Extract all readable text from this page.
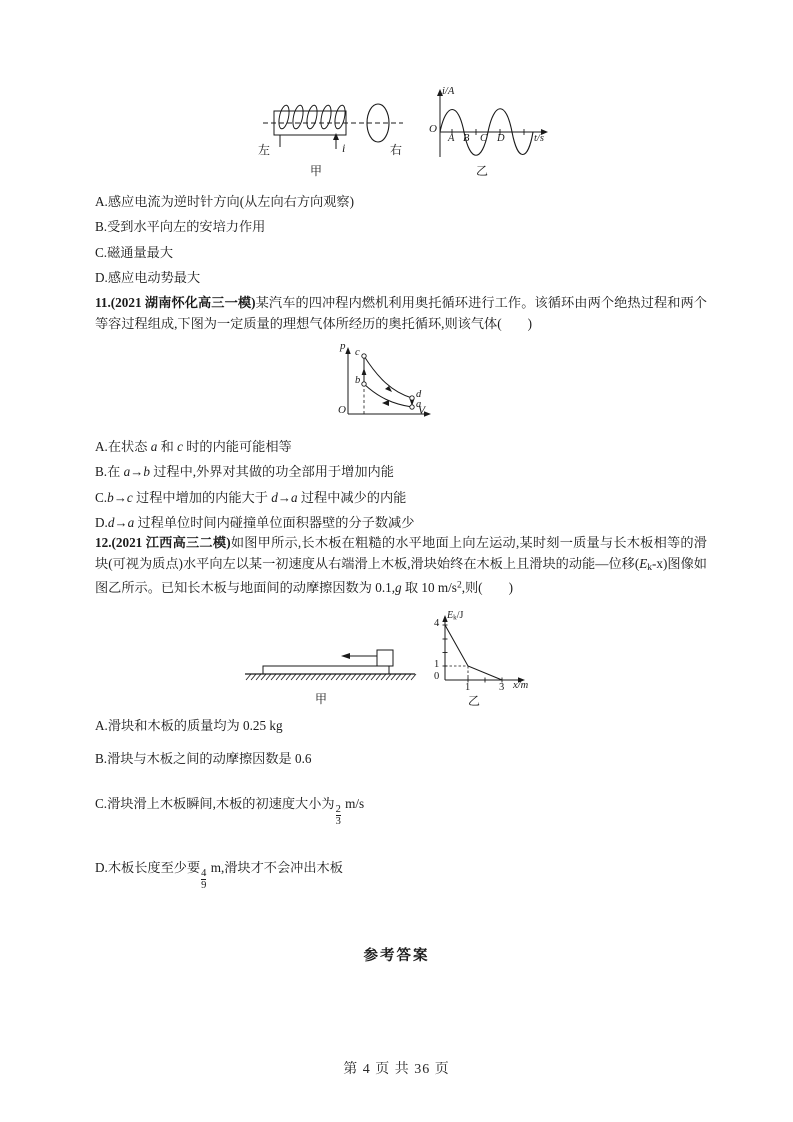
左	i	右
甲
i/A
O
A B C D	t/s
乙

A.感应电流为逆时针方向(从左向右方向观察)

B.受到水平向左的安培力作用

C.磁通量最大

D.感应电动势最大

11.(2021 湖南怀化高三一模)某汽车的四冲程内燃机利用奥托循环进行工作。该循环由两个绝热过程和两个等容过程组成,下图为一定质量的理想气体所经历的奥托循环,则该气体( )

p
V
O
c
b
d
a

A.在状态 a 和 c 时的内能可能相等

B.在 a→b 过程中,外界对其做的功全部用于增加内能

C.b→c 过程中增加的内能大于 d→a 过程中减少的内能

D.d→a 过程单位时间内碰撞单位面积器壁的分子数减少

12.(2021 江西高三二模)如图甲所示,长木板在粗糙的水平地面上向左运动,某时刻一质量与长木板相等的滑块(可视为质点)水平向左以某一初速度从右端滑上木板,滑块始终在木板上且滑块的动能—位移$(E_k-x)$图像如图乙所示。已知长木板与地面间的动摩擦因数为 0.1,g 取 10 $m/s^2$,则( )

甲
$E_k/J$
4
1
0
1	3 x/m
乙

A.滑块和木板的质量均为 0.25 kg

B.滑块与木板之间的动摩擦因数是 0.6

C.滑块滑上木板瞬间,木板的初速度大小为
$\frac{2}{3}$
m/s

D.木板长度至少要
$\frac{4}{9}$
m,滑块才不会冲出木板

参考答案
第 4 页 共 36 页
